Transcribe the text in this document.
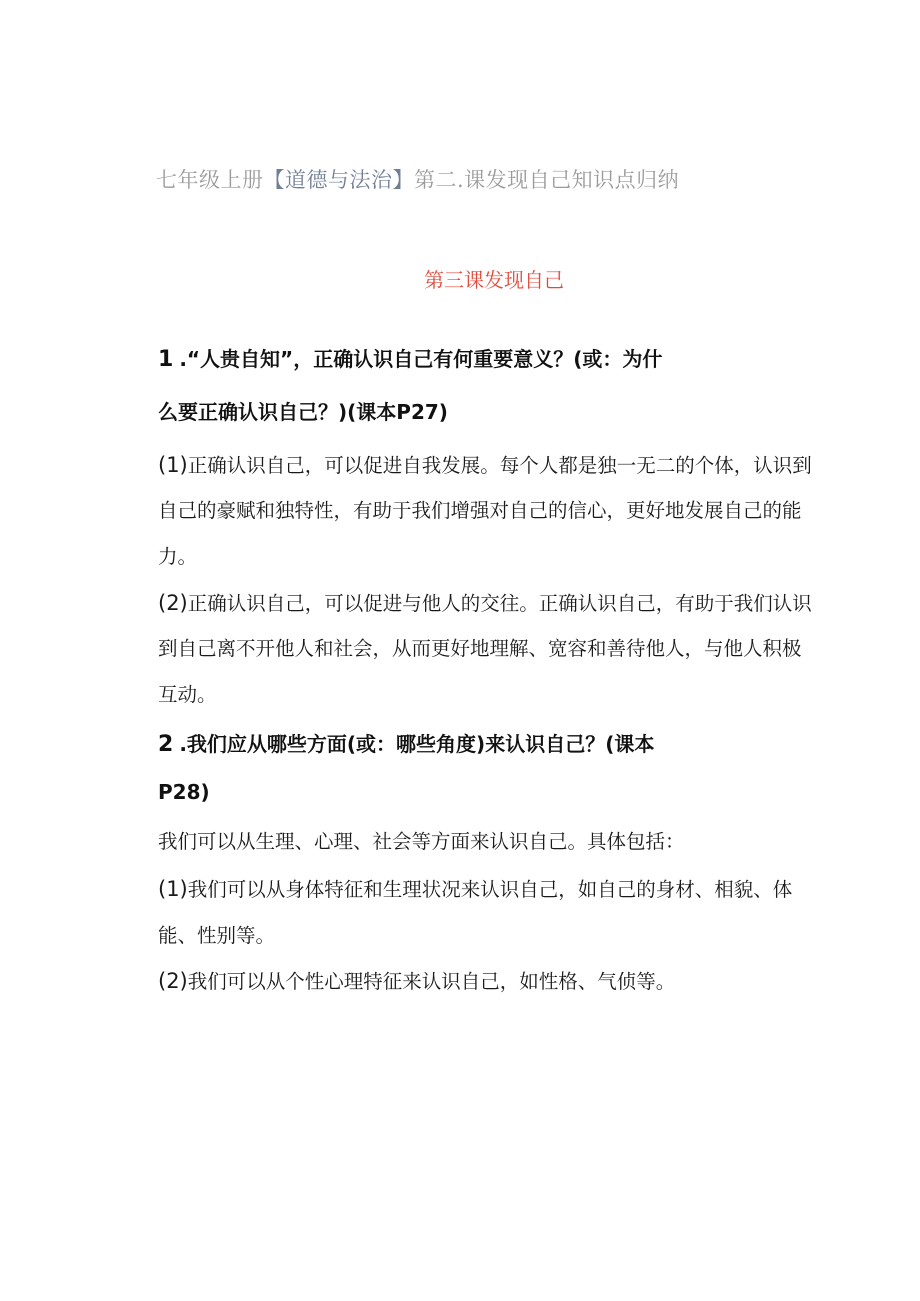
七年级上册【道德与法治】第二.课发现自己知识点归纳
第三课发现自己
1 .“人贵自知”，正确认识自己有何重要意义？(或：为什
么要正确认识自己？)(课本P27)
(1)正确认识自己，可以促进自我发展。每个人都是独一无二的个体，认识到
自己的豪赋和独特性，有助于我们增强对自己的信心，更好地发展自己的能
力。
(2)正确认识自己，可以促进与他人的交往。正确认识自己，有助于我们认识
到自己离不开他人和社会，从而更好地理解、宽容和善待他人，与他人积极
互动。
2 .我们应从哪些方面(或：哪些角度)来认识自己？(课本
P28)
我们可以从生理、心理、社会等方面来认识自己。具体包括：
(1)我们可以从身体特征和生理状况来认识自己，如自己的身材、相貌、体
能、性别等。
(2)我们可以从个性心理特征来认识自己，如性格、气侦等。
